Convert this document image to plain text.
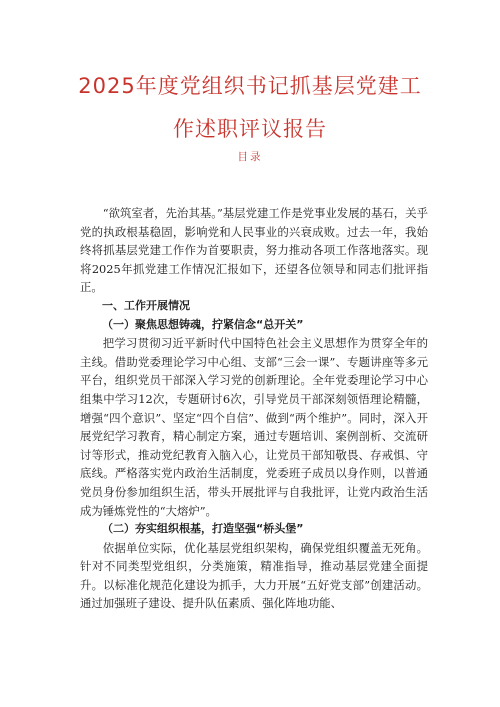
2025年度党组织书记抓基层党建工
作述职评议报告
目录

“欲筑室者，先治其基。”基层党建工作是党事业发展的基石，关乎党的执政根基稳固，影响党和人民事业的兴衰成败。过去一年，我始终将抓基层党建工作作为首要职责，努力推动各项工作落地落实。现将2025年抓党建工作情况汇报如下，还望各位领导和同志们批评指正。

一、工作开展情况

（一）聚焦思想铸魂，拧紧信念“总开关”

把学习贯彻习近平新时代中国特色社会主义思想作为贯穿全年的主线。借助党委理论学习中心组、支部“三会一课”、专题讲座等多元平台，组织党员干部深入学习党的创新理论。全年党委理论学习中心组集中学习12次，专题研讨6次，引导党员干部深刻领悟理论精髓，增强“四个意识”、坚定“四个自信”、做到“两个维护”。同时，深入开展党纪学习教育，精心制定方案，通过专题培训、案例剖析、交流研讨等形式，推动党纪教育入脑入心，让党员干部知敬畏、存戒惧、守底线。严格落实党内政治生活制度，党委班子成员以身作则，以普通党员身份参加组织生活，带头开展批评与自我批评，让党内政治生活成为锤炼党性的“大熔炉”。

（二）夯实组织根基，打造坚强“桥头堡”

依据单位实际，优化基层党组织架构，确保党组织覆盖无死角。针对不同类型党组织，分类施策，精准指导，推动基层党建全面提升。以标准化规范化建设为抓手，大力开展“五好党支部”创建活动。通过加强班子建设、提升队伍素质、强化阵地功能、
